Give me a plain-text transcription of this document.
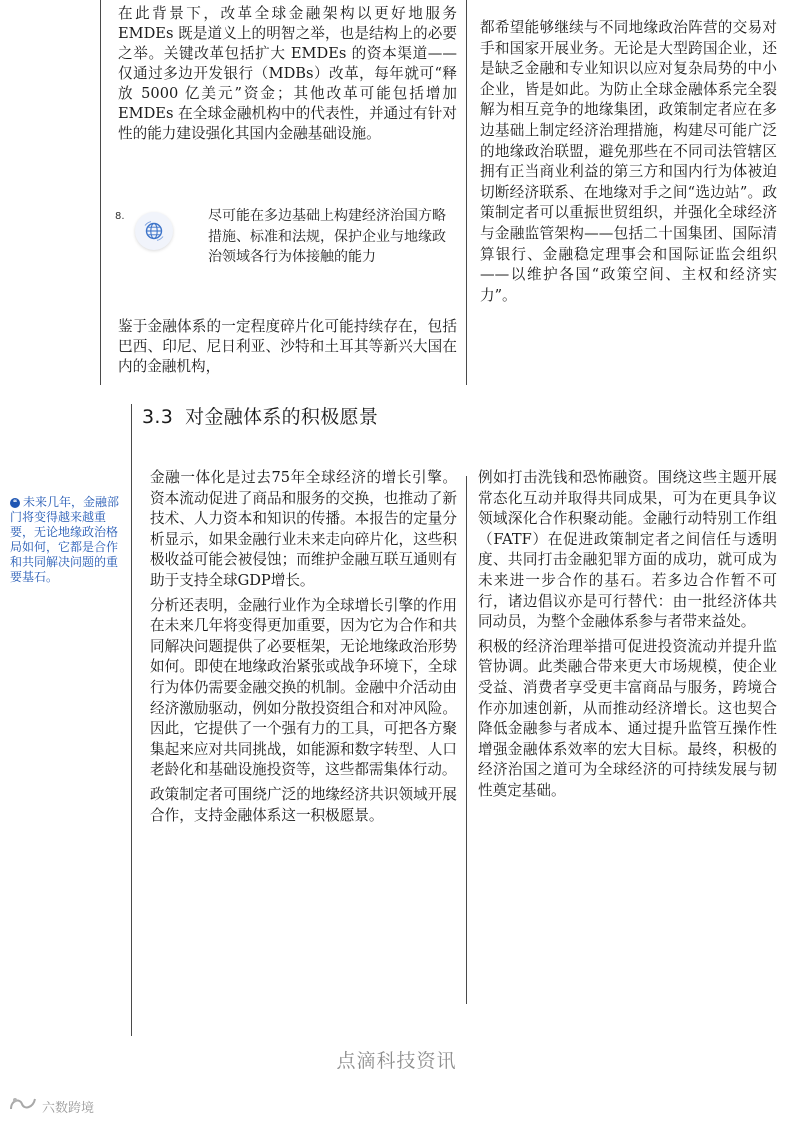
在此背景下，改革全球金融架构以更好地服务 EMDEs 既是道义上的明智之举，也是结构上的必要之举。关键改革包括扩大 EMDEs 的资本渠道——仅通过多边开发银行（MDBs）改革，每年就可“释放 5000 亿美元”资金；其他改革可能包括增加 EMDEs 在全球金融机构中的代表性，并通过有针对性的能力建设强化其国内金融基础设施。

8.	尽可能在多边基础上构建经济治国方略措施、标准和法规，保护企业与地缘政治领域各行为体接触的能力

鉴于金融体系的一定程度碎片化可能持续存在，包括巴西、印尼、尼日利亚、沙特和土耳其等新兴大国在内的金融机构，

都希望能够继续与不同地缘政治阵营的交易对手和国家开展业务。无论是大型跨国企业，还是缺乏金融和专业知识以应对复杂局势的中小企业，皆是如此。为防止全球金融体系完全裂解为相互竞争的地缘集团，政策制定者应在多边基础上制定经济治理措施，构建尽可能广泛的地缘政治联盟，避免那些在不同司法管辖区拥有正当商业利益的第三方和国内行为体被迫切断经济联系、在地缘对手之间“选边站”。政策制定者可以重振世贸组织，并强化全球经济与金融监管架构——包括二十国集团、国际清算银行、金融稳定理事会和国际证监会组织——以维护各国“政策空间、主权和经济实力”。

3.3 对金融体系的积极愿景
❝ 未来几年，金融部门将变得越来越重要，无论地缘政治格局如何，它都是合作和共同解决问题的重要基石。

金融一体化是过去75年全球经济的增长引擎。资本流动促进了商品和服务的交换，也推动了新技术、人力资本和知识的传播。本报告的定量分析显示，如果金融行业未来走向碎片化，这些积极收益可能会被侵蚀；而维护金融互联互通则有助于支持全球GDP增长。

分析还表明，金融行业作为全球增长引擎的作用在未来几年将变得更加重要，因为它为合作和共同解决问题提供了必要框架，无论地缘政治形势如何。即使在地缘政治紧张或战争环境下，全球行为体仍需要金融交换的机制。金融中介活动由经济激励驱动，例如分散投资组合和对冲风险。因此，它提供了一个强有力的工具，可把各方聚集起来应对共同挑战，如能源和数字转型、人口老龄化和基础设施投资等，这些都需集体行动。

政策制定者可围绕广泛的地缘经济共识领域开展合作，支持金融体系这一积极愿景。

例如打击洗钱和恐怖融资。围绕这些主题开展常态化互动并取得共同成果，可为在更具争议领域深化合作积聚动能。金融行动特别工作组（FATF）在促进政策制定者之间信任与透明度、共同打击金融犯罪方面的成功，就可成为未来进一步合作的基石。若多边合作暂不可行，诸边倡议亦是可行替代：由一批经济体共同动员，为整个金融体系参与者带来益处。

积极的经济治理举措可促进投资流动并提升监管协调。此类融合带来更大市场规模，使企业受益、消费者享受更丰富商品与服务，跨境合作亦加速创新，从而推动经济增长。这也契合降低金融参与者成本、通过提升监管互操作性增强金融体系效率的宏大目标。最终，积极的经济治国之道可为全球经济的可持续发展与韧性奠定基础。

点滴科技资讯
六数跨境
